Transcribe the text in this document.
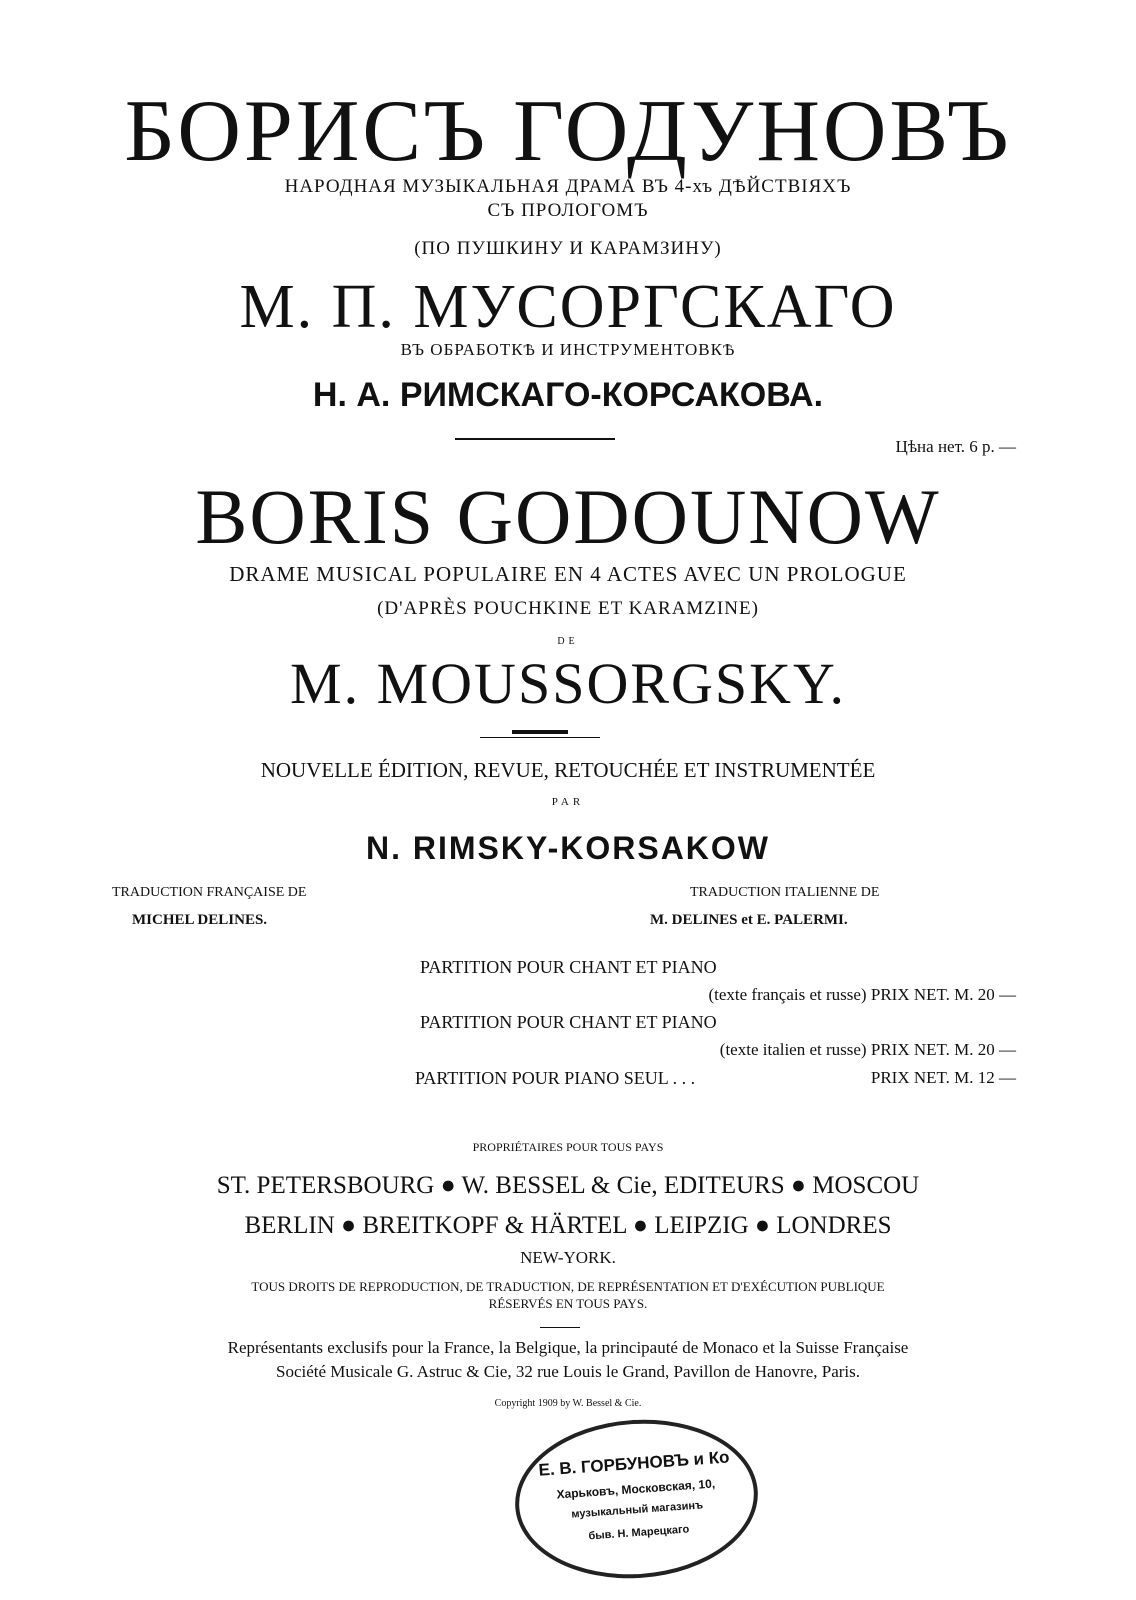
БОРИСЪ ГОДУНОВЪ
НАРОДНАЯ МУЗЫКАЛЬНАЯ ДРАМА ВЪ 4-хъ ДѢЙСТВІЯХЪ
СЪ ПРОЛОГОМЪ
(ПО ПУШКИНУ И КАРАМЗИНУ)
М. П. МУСОРГСКАГО
ВЪ ОБРАБОТКѢ И ИНСТРУМЕНТОВКѢ
Н. А. РИМСКАГО-КОРСАКОВА.
Цѣна нет. 6 р. —
BORIS GODOUNOW
DRAME MUSICAL POPULAIRE EN 4 ACTES AVEC UN PROLOGUE
(D'APRÈS POUCHKINE ET KARAMZINE)
DE
M. MOUSSORGSKY.
NOUVELLE ÉDITION, REVUE, RETOUCHÉE ET INSTRUMENTÉE
PAR
N. RIMSKY-KORSAKOW
TRADUCTION FRANÇAISE DE
MICHEL DELINES.
TRADUCTION ITALIENNE DE
M. DELINES et E. PALERMI.
PARTITION POUR CHANT ET PIANO
(texte français et russe) PRIX NET. M. 20 —
PARTITION POUR CHANT ET PIANO
(texte italien et russe) PRIX NET. M. 20 —
PARTITION POUR PIANO SEUL . . .	PRIX NET. M. 12 —
PROPRIÉTAIRES POUR TOUS PAYS
ST. PETERSBOURG ● W. BESSEL & Cie, EDITEURS ● MOSCOU
BERLIN ● BREITKOPF & HÄRTEL ● LEIPZIG ● LONDRES
NEW-YORK.
TOUS DROITS DE REPRODUCTION, DE TRADUCTION, DE REPRÉSENTATION ET D'EXÉCUTION PUBLIQUE
RÉSERVÉS EN TOUS PAYS.
Représentants exclusifs pour la France, la Belgique, la principauté de Monaco et la Suisse Française
Société Musicale G. Astruc & Cie, 32 rue Louis le Grand, Pavillon de Hanovre, Paris.
Copyright 1909 by W. Bessel & Cie.
Е. В. ГОРБУНОВЪ и Ко
Харьковъ, Московская, 10,
музыкальный магазинъ
быв. Н. Марецкаго
